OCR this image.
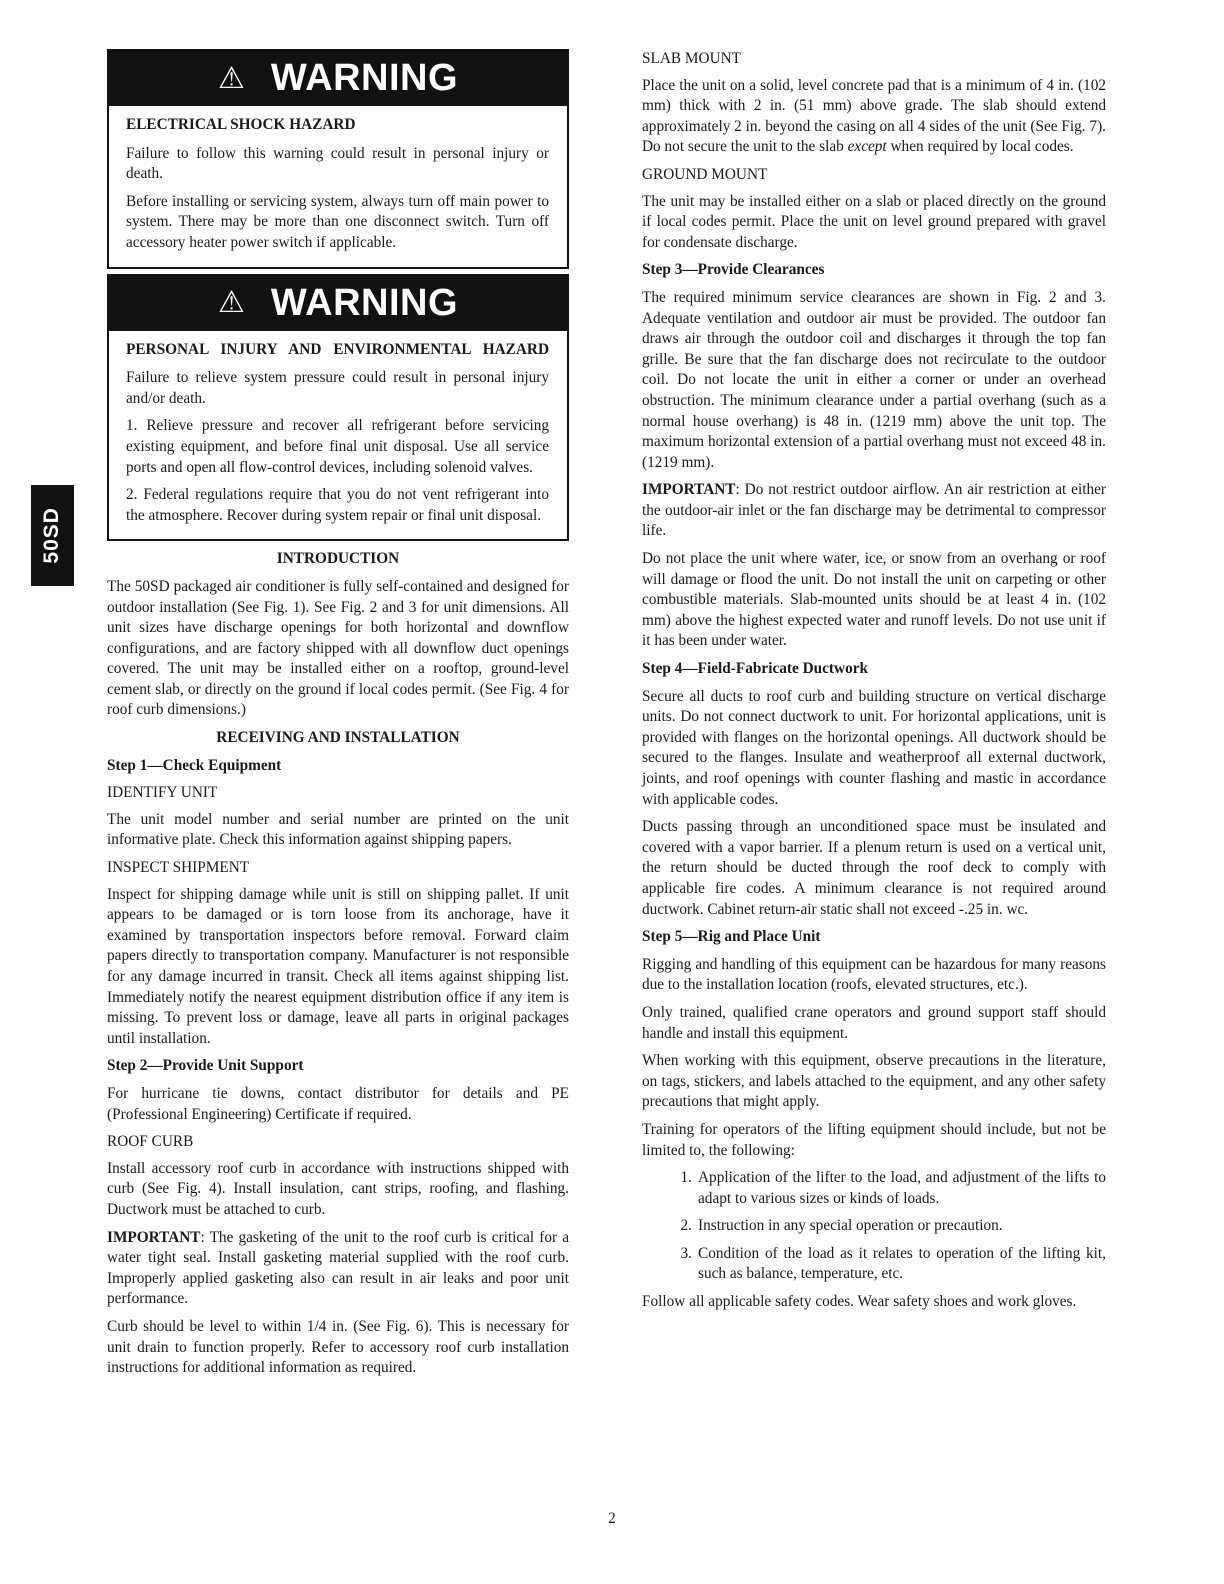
50SD
⚠ WARNING
ELECTRICAL SHOCK HAZARD

Failure to follow this warning could result in personal injury or death.

Before installing or servicing system, always turn off main power to system. There may be more than one disconnect switch. Turn off accessory heater power switch if applicable.

⚠ WARNING
PERSONAL INJURY AND ENVIRONMENTAL HAZARD

Failure to relieve system pressure could result in personal injury and/or death.

1. Relieve pressure and recover all refrigerant before servicing existing equipment, and before final unit disposal. Use all service ports and open all flow-control devices, including solenoid valves.

2. Federal regulations require that you do not vent refrigerant into the atmosphere. Recover during system repair or final unit disposal.

INTRODUCTION

The 50SD packaged air conditioner is fully self-contained and designed for outdoor installation (See Fig. 1). See Fig. 2 and 3 for unit dimensions. All unit sizes have discharge openings for both horizontal and downflow configurations, and are factory shipped with all downflow duct openings covered. The unit may be installed either on a rooftop, ground-level cement slab, or directly on the ground if local codes permit. (See Fig. 4 for roof curb dimensions.)

RECEIVING AND INSTALLATION
Step 1—Check Equipment
IDENTIFY UNIT

The unit model number and serial number are printed on the unit informative plate. Check this information against shipping papers.

INSPECT SHIPMENT

Inspect for shipping damage while unit is still on shipping pallet. If unit appears to be damaged or is torn loose from its anchorage, have it examined by transportation inspectors before removal. Forward claim papers directly to transportation company. Manufacturer is not responsible for any damage incurred in transit. Check all items against shipping list. Immediately notify the nearest equipment distribution office if any item is missing. To prevent loss or damage, leave all parts in original packages until installation.

Step 2—Provide Unit Support

For hurricane tie downs, contact distributor for details and PE (Professional Engineering) Certificate if required.

ROOF CURB

Install accessory roof curb in accordance with instructions shipped with curb (See Fig. 4). Install insulation, cant strips, roofing, and flashing. Ductwork must be attached to curb.

IMPORTANT: The gasketing of the unit to the roof curb is critical for a water tight seal. Install gasketing material supplied with the roof curb. Improperly applied gasketing also can result in air leaks and poor unit performance.

Curb should be level to within 1/4 in. (See Fig. 6). This is necessary for unit drain to function properly. Refer to accessory roof curb installation instructions for additional information as required.

SLAB MOUNT

Place the unit on a solid, level concrete pad that is a minimum of 4 in. (102 mm) thick with 2 in. (51 mm) above grade. The slab should extend approximately 2 in. beyond the casing on all 4 sides of the unit (See Fig. 7). Do not secure the unit to the slab except when required by local codes.

GROUND MOUNT

The unit may be installed either on a slab or placed directly on the ground if local codes permit. Place the unit on level ground prepared with gravel for condensate discharge.

Step 3—Provide Clearances

The required minimum service clearances are shown in Fig. 2 and 3. Adequate ventilation and outdoor air must be provided. The outdoor fan draws air through the outdoor coil and discharges it through the top fan grille. Be sure that the fan discharge does not recirculate to the outdoor coil. Do not locate the unit in either a corner or under an overhead obstruction. The minimum clearance under a partial overhang (such as a normal house overhang) is 48 in. (1219 mm) above the unit top. The maximum horizontal extension of a partial overhang must not exceed 48 in. (1219 mm).

IMPORTANT: Do not restrict outdoor airflow. An air restriction at either the outdoor-air inlet or the fan discharge may be detrimental to compressor life.

Do not place the unit where water, ice, or snow from an overhang or roof will damage or flood the unit. Do not install the unit on carpeting or other combustible materials. Slab-mounted units should be at least 4 in. (102 mm) above the highest expected water and runoff levels. Do not use unit if it has been under water.

Step 4—Field-Fabricate Ductwork

Secure all ducts to roof curb and building structure on vertical discharge units. Do not connect ductwork to unit. For horizontal applications, unit is provided with flanges on the horizontal openings. All ductwork should be secured to the flanges. Insulate and weatherproof all external ductwork, joints, and roof openings with counter flashing and mastic in accordance with applicable codes.

Ducts passing through an unconditioned space must be insulated and covered with a vapor barrier. If a plenum return is used on a vertical unit, the return should be ducted through the roof deck to comply with applicable fire codes. A minimum clearance is not required around ductwork. Cabinet return-air static shall not exceed -.25 in. wc.

Step 5—Rig and Place Unit

Rigging and handling of this equipment can be hazardous for many reasons due to the installation location (roofs, elevated structures, etc.).

Only trained, qualified crane operators and ground support staff should handle and install this equipment.

When working with this equipment, observe precautions in the literature, on tags, stickers, and labels attached to the equipment, and any other safety precautions that might apply.

Training for operators of the lifting equipment should include, but not be limited to, the following:

1. Application of the lifter to the load, and adjustment of the lifts to adapt to various sizes or kinds of loads.
2. Instruction in any special operation or precaution.
3. Condition of the load as it relates to operation of the lifting kit, such as balance, temperature, etc.

Follow all applicable safety codes. Wear safety shoes and work gloves.

2
